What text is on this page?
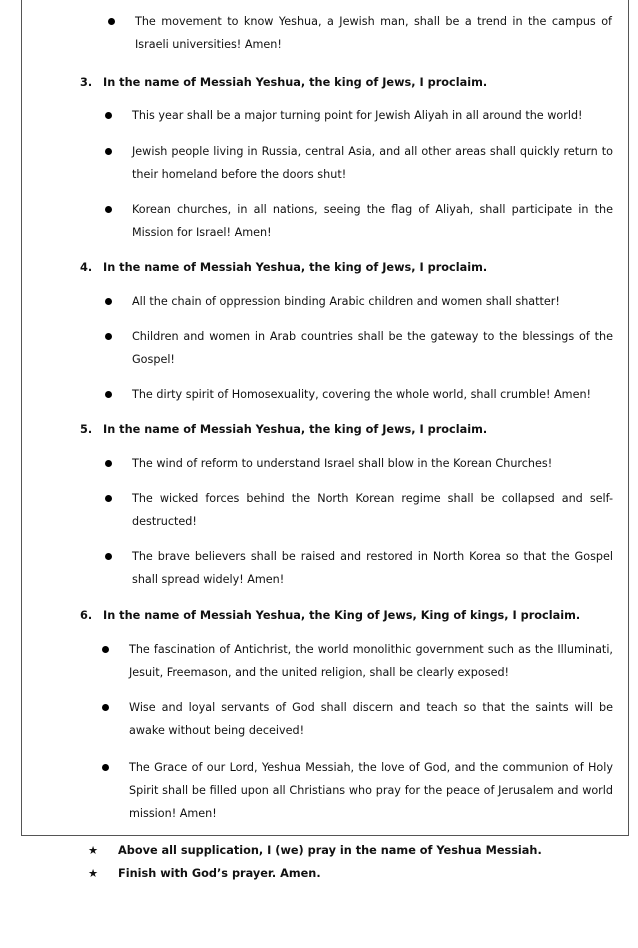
The movement to know Yeshua, a Jewish man, shall be a trend in the campus of Israeli universities! Amen!
3. In the name of Messiah Yeshua, the king of Jews, I proclaim.
This year shall be a major turning point for Jewish Aliyah in all around the world!
Jewish people living in Russia, central Asia, and all other areas shall quickly return to their homeland before the doors shut!
Korean churches, in all nations, seeing the flag of Aliyah, shall participate in the Mission for Israel! Amen!
4. In the name of Messiah Yeshua, the king of Jews, I proclaim.
All the chain of oppression binding Arabic children and women shall shatter!
Children and women in Arab countries shall be the gateway to the blessings of the Gospel!
The dirty spirit of Homosexuality, covering the whole world, shall crumble! Amen!
5. In the name of Messiah Yeshua, the king of Jews, I proclaim.
The wind of reform to understand Israel shall blow in the Korean Churches!
The wicked forces behind the North Korean regime shall be collapsed and self-destructed!
The brave believers shall be raised and restored in North Korea so that the Gospel shall spread widely! Amen!
6. In the name of Messiah Yeshua, the King of Jews, King of kings, I proclaim.
The fascination of Antichrist, the world monolithic government such as the Illuminati, Jesuit, Freemason, and the united religion, shall be clearly exposed!
Wise and loyal servants of God shall discern and teach so that the saints will be awake without being deceived!
The Grace of our Lord, Yeshua Messiah, the love of God, and the communion of Holy Spirit shall be filled upon all Christians who pray for the peace of Jerusalem and world mission! Amen!
★ Above all supplication, I (we) pray in the name of Yeshua Messiah.
★ Finish with God’s prayer. Amen.
